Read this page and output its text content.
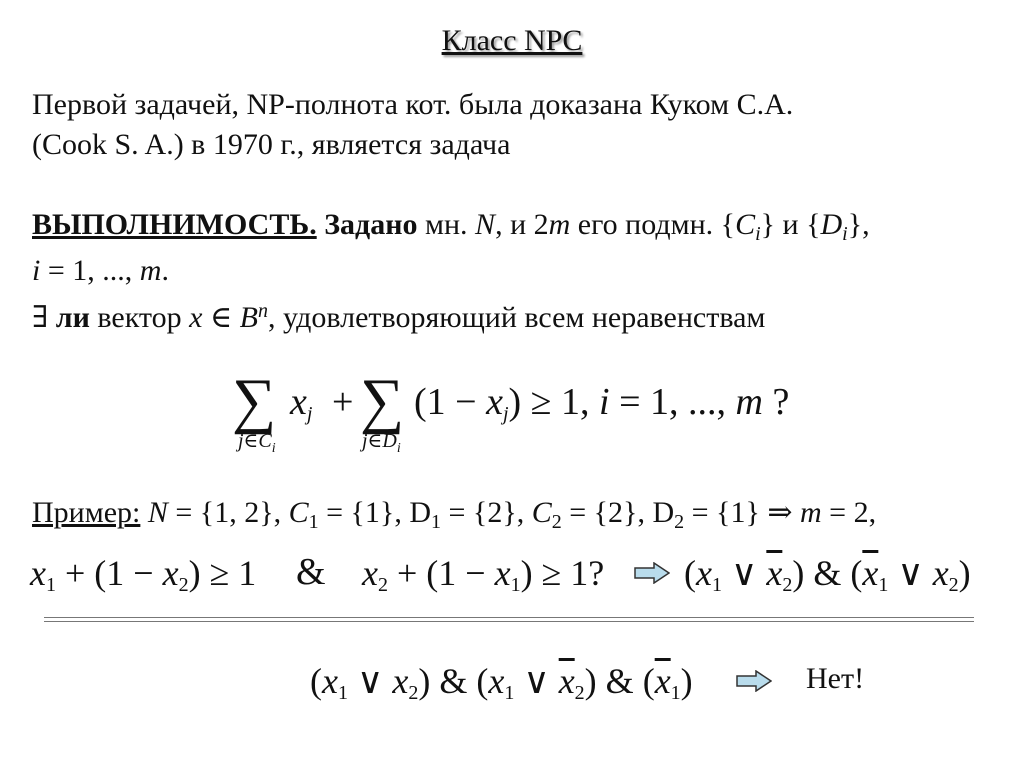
Класс NPC
Первой задачей, NP-полнота кот. была доказана Куком С.А.
(Cook S. A.) в 1970 г., является задача
ВЫПОЛНИМОСТЬ. Задано мн. N, и 2m его подмн. $\{C_i\}$ и $\{D_i\}$,
i = 1, ..., m.
∃ ли вектор x ∈ $B^n$, удовлетворяющий всем неравенствам
∑
$j\in C_i$
$x_j$ + ∑
$j\in D_i$
$(1 - x_j) \ge 1$, i = 1, ..., m ?
Пример: N = {1, 2}, $C_1 = \{1\}$, $D_1 = \{2\}$, $C_2 = \{2\}$, $D_2 = \{1\}$ ⇒ m = 2,
$x_1 + (1 - x_2) \ge 1$ & $x_2 + (1 - x_1) \ge 1$? ($x_1$ ∨ $\overline{x}_2$) & ($\overline{x}_1$ ∨ $x_2$)
($x_1$ ∨ $x_2$) & ($x_1$ ∨ $\overline{x}_2$) & $(\overline{x}_1)$	Нет!
